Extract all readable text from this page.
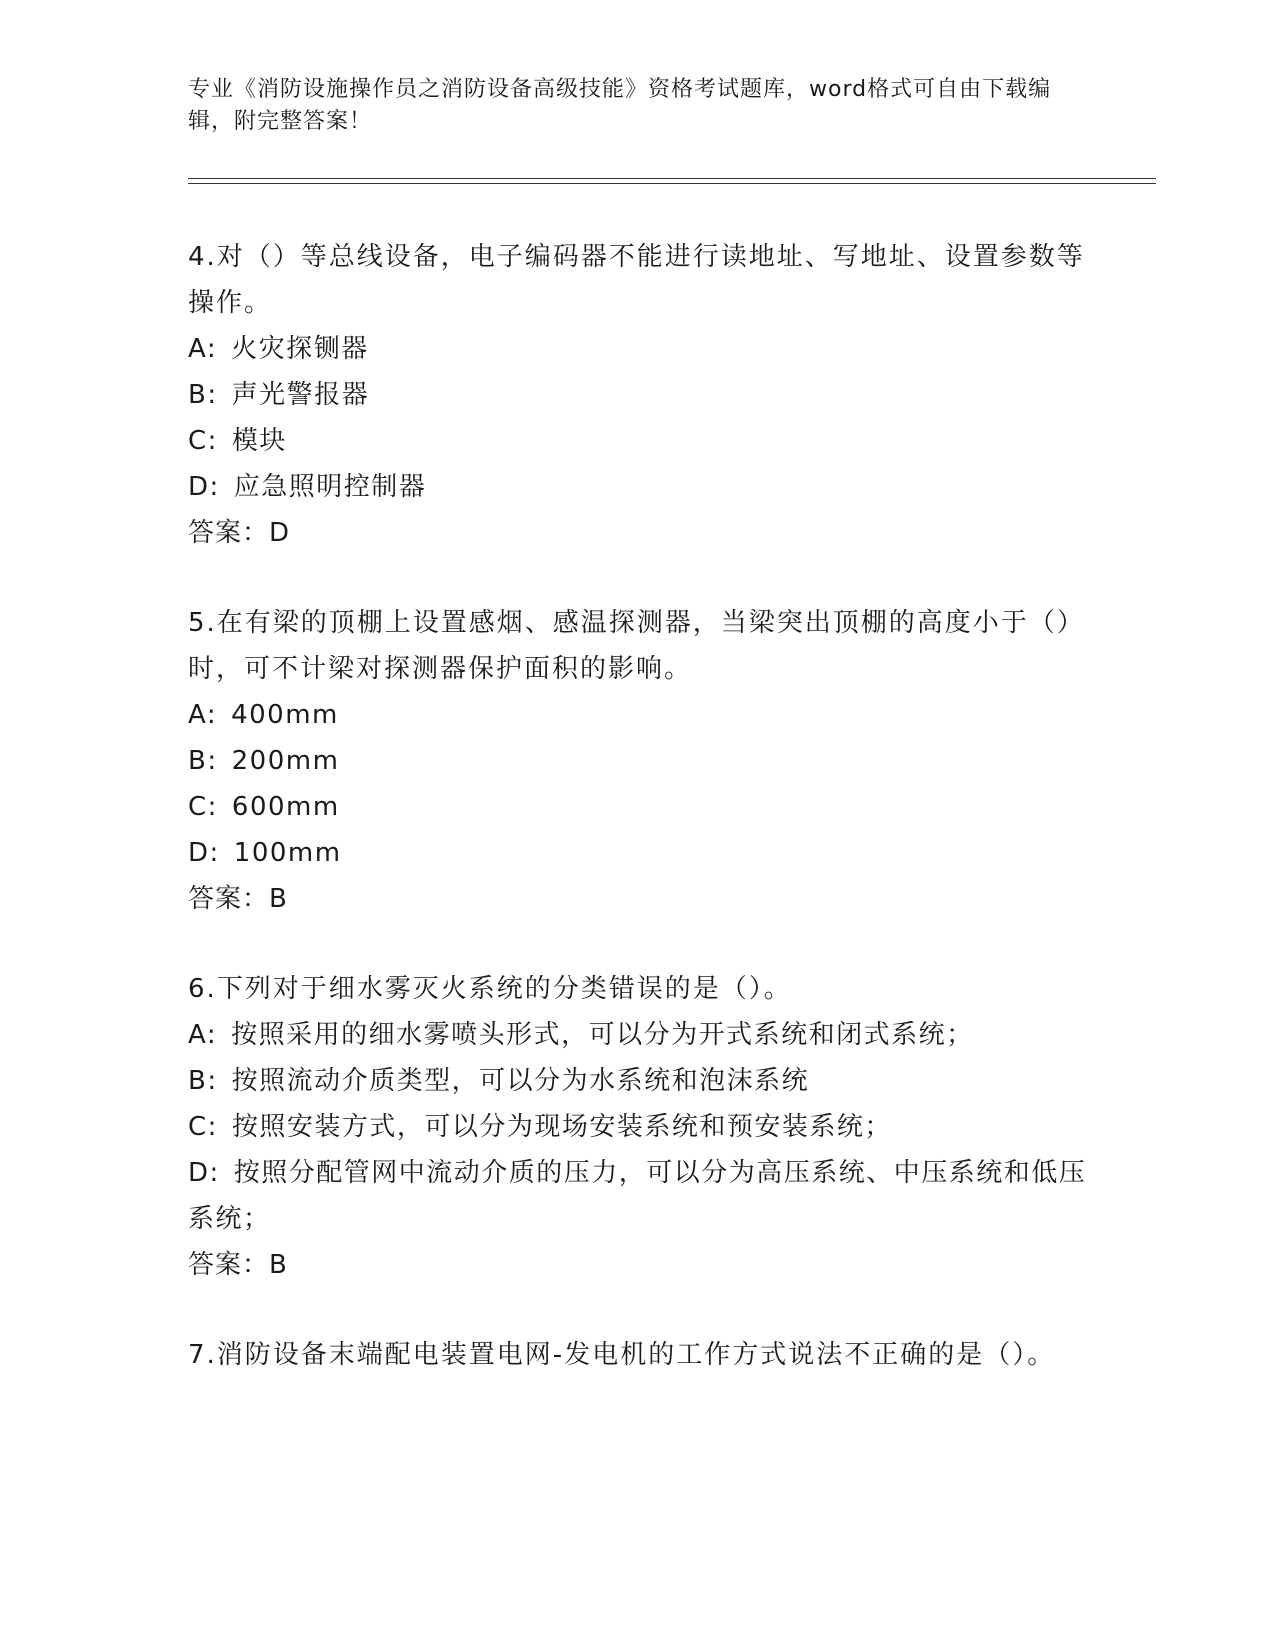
专业《消防设施操作员之消防设备高级技能》资格考试题库，word格式可自由下载编辑，附完整答案！

4.对（）等总线设备，电子编码器不能进行读地址、写地址、设置参数等操作。

A: 火灾探铡器

B: 声光警报器

C: 模块

D: 应急照明控制器

答案：D

5.在有梁的顶棚上设置感烟、感温探测器，当梁突出顶棚的高度小于（）时，可不计梁对探测器保护面积的影响。

A: 400mm

B: 200mm

C: 600mm

D: 100mm

答案：B

6.下列对于细水雾灭火系统的分类错误的是（）。

A: 按照采用的细水雾喷头形式，可以分为开式系统和闭式系统；

B: 按照流动介质类型，可以分为水系统和泡沫系统

C: 按照安装方式，可以分为现场安装系统和预安装系统；

D: 按照分配管网中流动介质的压力，可以分为高压系统、中压系统和低压系统；

答案：B

7.消防设备末端配电装置电网-发电机的工作方式说法不正确的是（）。
